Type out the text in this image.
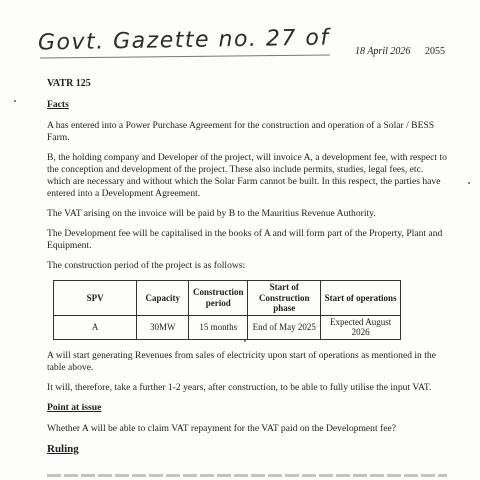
Govt. Gazette no. 27 of	18 April 2026 2055

VATR 125

Facts

A has entered into a Power Purchase Agreement for the construction and operation of a Solar / BESS Farm.

B, the holding company and Developer of the project, will invoice A, a development fee, with respect to the conception and development of the project. These also include permits, studies, legal fees, etc. which are necessary and without which the Solar Farm cannot be built. In this respect, the parties have entered into a Development Agreement.

The VAT arising on the invoice will be paid by B to the Mauritius Revenue Authority.

The Development fee will be capitalised in the books of A and will form part of the Property, Plant and Equipment.

The construction period of the project is as follows:

SPV	Capacity	Construction period	Start of Construction phase	Start of operations
A	30MW	15 months	End of May 2025	Expected August 2026

A will start generating Revenues from sales of electricity upon start of operations as mentioned in the table above.

It will, therefore, take a further 1-2 years, after construction, to be able to fully utilise the input VAT.

Point at issue

Whether A will be able to claim VAT repayment for the VAT paid on the Development fee?

Ruling
